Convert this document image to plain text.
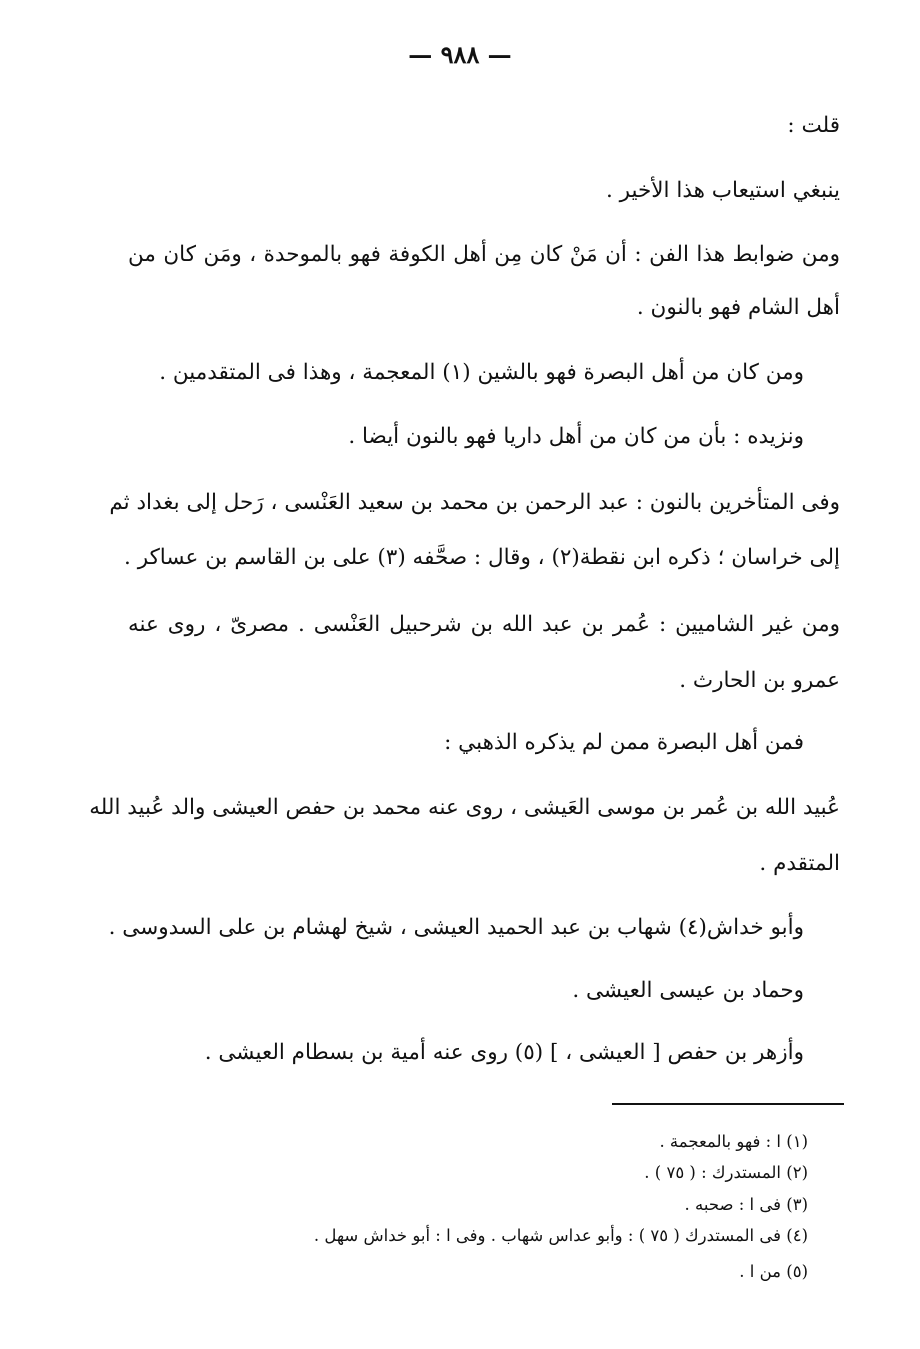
— ٩٨٨ —
قلت :
ينبغي استيعاب هذا الأخير .
ومن ضوابط هذا الفن : أن مَنْ كان مِن أهل الكوفة فهو بالموحدة ، ومَن كان من
أهل الشام فهو بالنون .
ومن كان من أهل البصرة فهو بالشين (١) المعجمة ، وهذا فى المتقدمين .
ونزيده : بأن من كان من أهل داريا فهو بالنون أيضا .
وفى المتأخرين بالنون : عبد الرحمن بن محمد بن سعيد العَنْسى ، رَحل إلى بغداد ثم
إلى خراسان ؛ ذكره ابن نقطة(٢) ، وقال : صحَّفه (٣) على بن القاسم بن عساكر .
ومن غير الشاميين : عُمر بن عبد الله بن شرحبيل العَنْسى . مصرىّ ، روى عنه
عمرو بن الحارث .
فمن أهل البصرة ممن لم يذكره الذهبي :
عُبيد الله بن عُمر بن موسى العَيشى ، روى عنه محمد بن حفص العيشى والد عُبيد الله
المتقدم .
وأبو خداش(٤) شهاب بن عبد الحميد العيشى ، شيخ لهشام بن على السدوسى .
وحماد بن عيسى العيشى .
وأزهر بن حفص [ العيشى ، ] (٥) روى عنه أمية بن بسطام العيشى .
(١) ا : فهو بالمعجمة .
(٢) المستدرك : ( ٧٥ ) .
(٣) فى ا : صحبه .
(٤) فى المستدرك ( ٧٥ ) : وأبو عداس شهاب . وفى ا : أبو خداش سهل .
(٥) من ا .
